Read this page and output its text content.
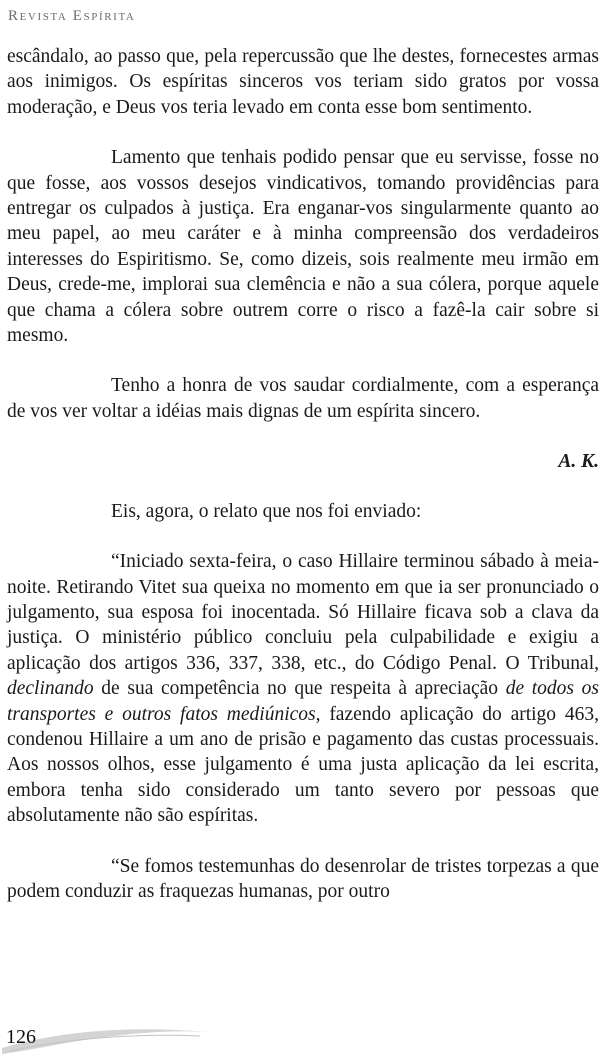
Revista Espírita

escândalo, ao passo que, pela repercussão que lhe destes, fornecestes armas aos inimigos. Os espíritas sinceros vos teriam sido gratos por vossa moderação, e Deus vos teria levado em conta esse bom sentimento.

Lamento que tenhais podido pensar que eu servisse, fosse no que fosse, aos vossos desejos vindicativos, tomando providências para entregar os culpados à justiça. Era enganar-vos singularmente quanto ao meu papel, ao meu caráter e à minha compreensão dos verdadeiros interesses do Espiritismo. Se, como dizeis, sois realmente meu irmão em Deus, crede-me, implorai sua clemência e não a sua cólera, porque aquele que chama a cólera sobre outrem corre o risco a fazê-la cair sobre si mesmo.

Tenho a honra de vos saudar cordialmente, com a esperança de vos ver voltar a idéias mais dignas de um espírita sincero.

A. K.

Eis, agora, o relato que nos foi enviado:

“Iniciado sexta-feira, o caso Hillaire terminou sábado à meia-noite. Retirando Vitet sua queixa no momento em que ia ser pronunciado o julgamento, sua esposa foi inocentada. Só Hillaire ficava sob a clava da justiça. O ministério público concluiu pela culpabilidade e exigiu a aplicação dos artigos 336, 337, 338, etc., do Código Penal. O Tribunal, declinando de sua competência no que respeita à apreciação de todos os transportes e outros fatos mediúnicos, fazendo aplicação do artigo 463, condenou Hillaire a um ano de prisão e pagamento das custas processuais. Aos nossos olhos, esse julgamento é uma justa aplicação da lei escrita, embora tenha sido considerado um tanto severo por pessoas que absolutamente não são espíritas.

“Se fomos testemunhas do desenrolar de tristes torpezas a que podem conduzir as fraquezas humanas, por outro

126
